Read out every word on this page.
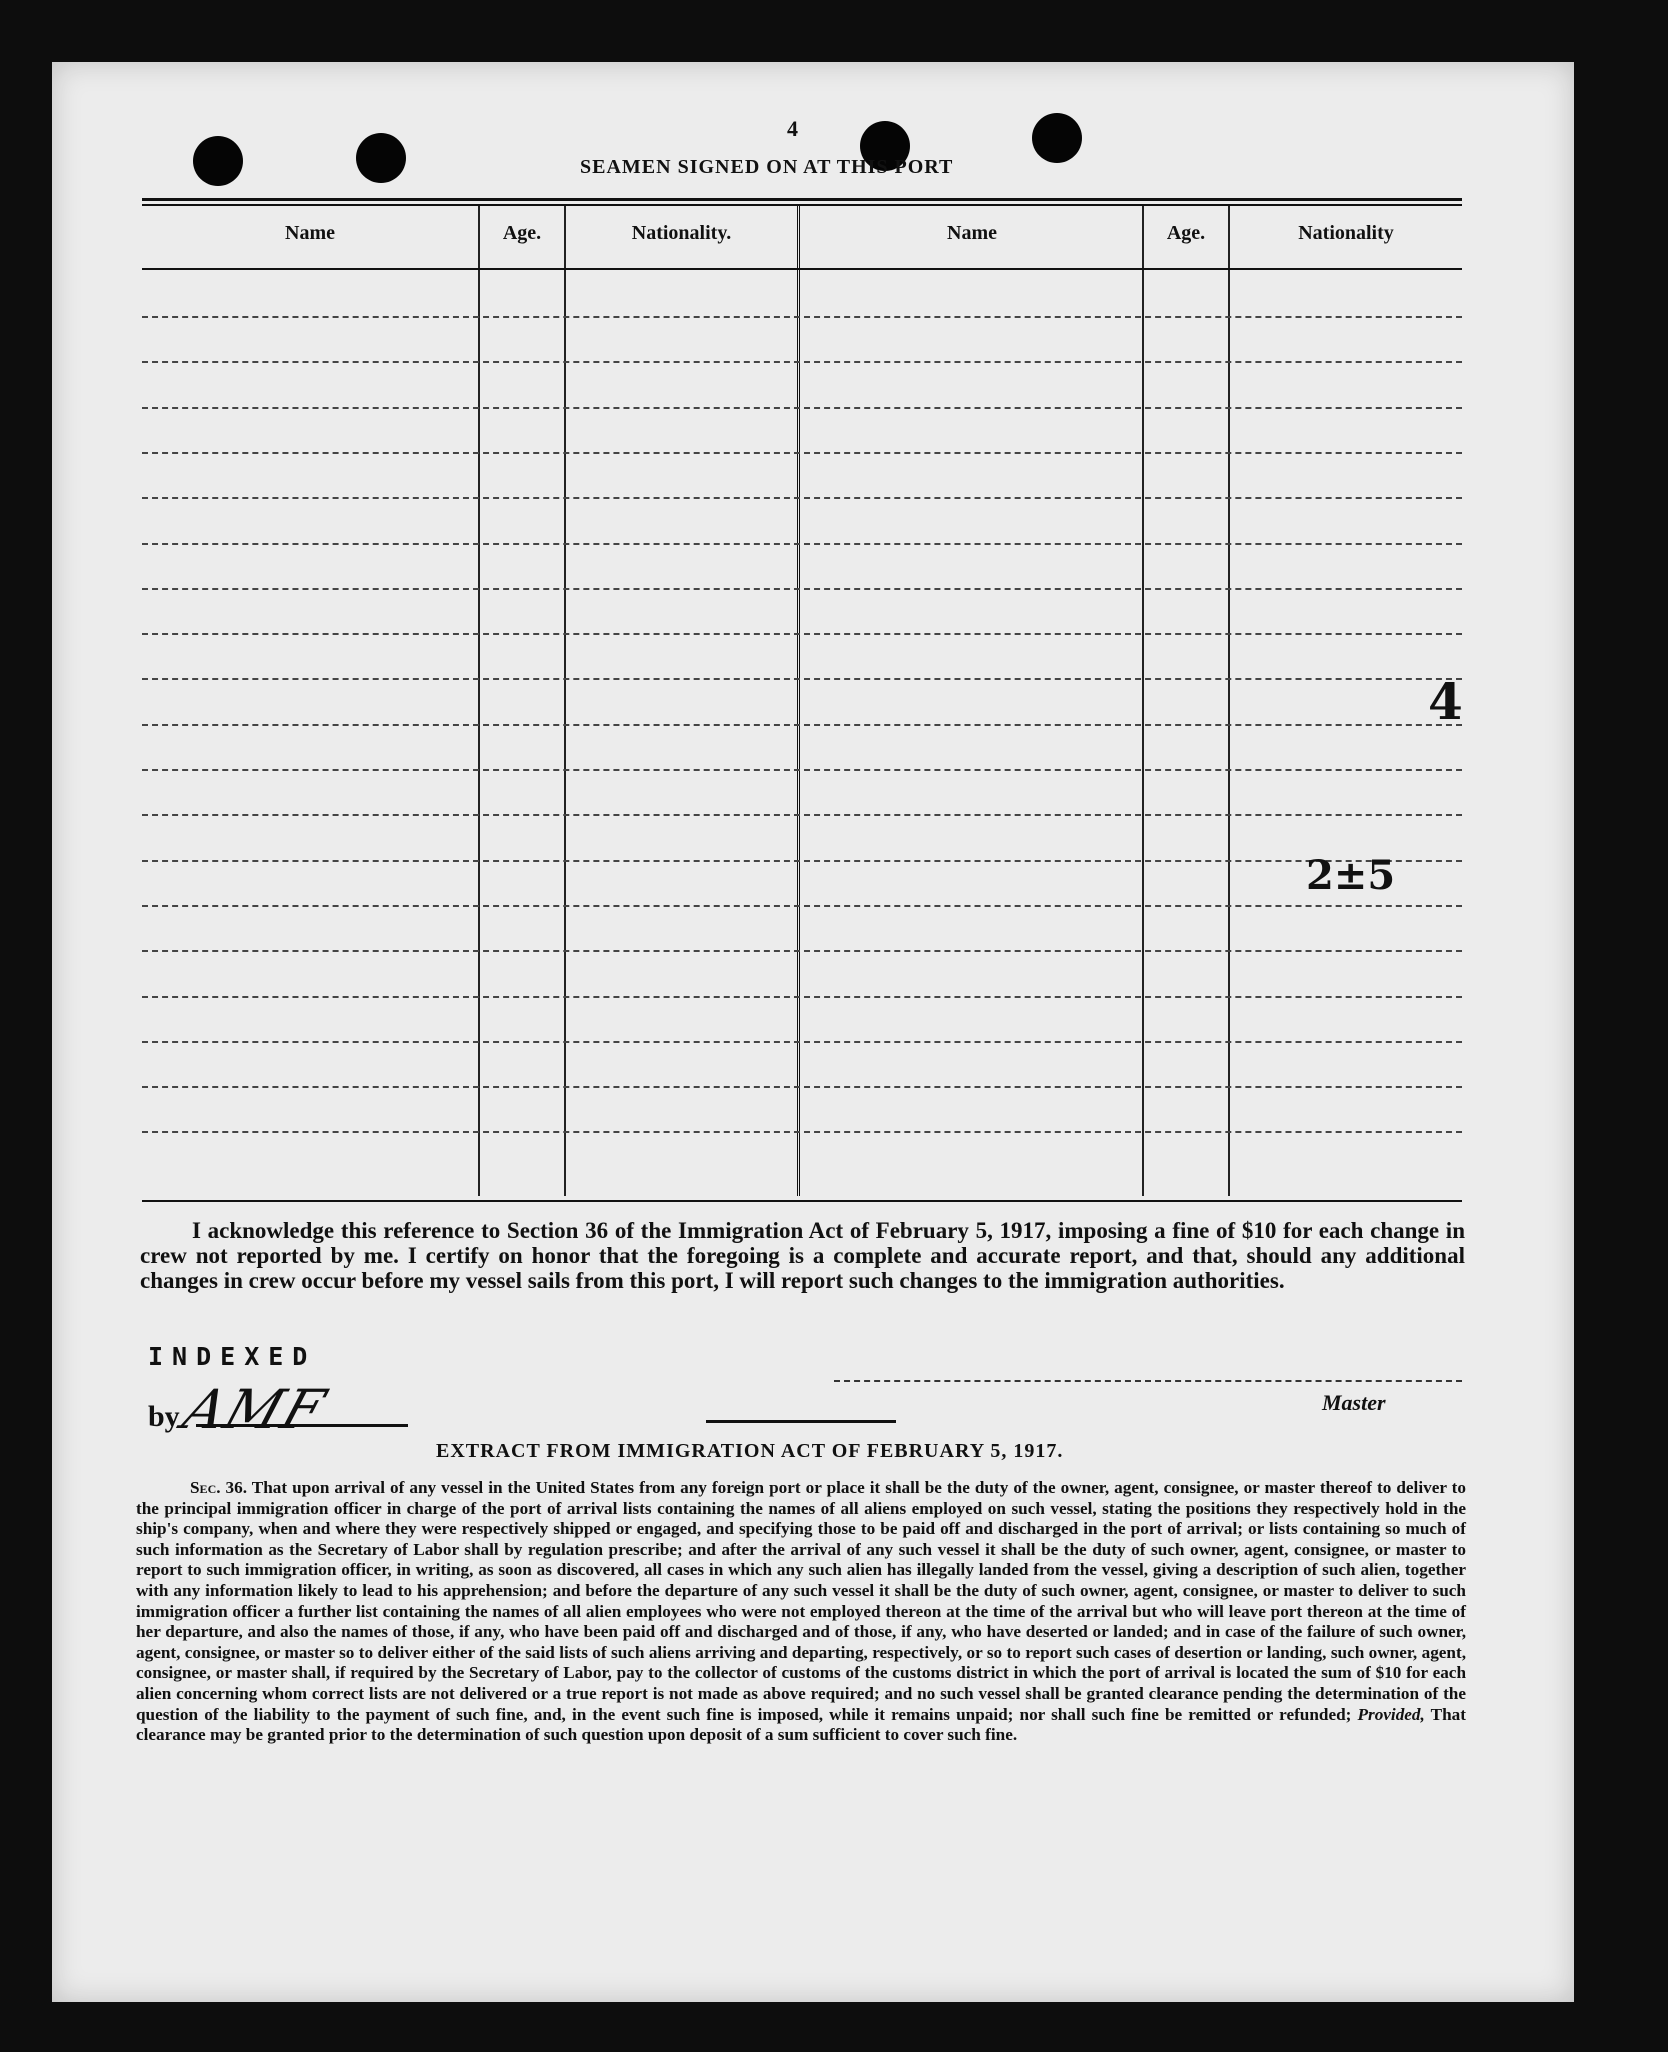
4
SEAMEN SIGNED ON AT THIS PORT
Name	Age.	Nationality.	Name	Age.	Nationality
4
2±5
I acknowledge this reference to Section 36 of the Immigration Act of February 5, 1917, imposing a fine of $10 for each change in crew not reported by me. I certify on honor that the foregoing is a complete and accurate report, and that, should any additional changes in crew occur before my vessel sails from this port, I will report such changes to the immigration authorities.
INDEXED
by
AMF	Master
EXTRACT FROM IMMIGRATION ACT OF FEBRUARY 5, 1917.
Sec. 36. That upon arrival of any vessel in the United States from any foreign port or place it shall be the duty of the owner, agent, consignee, or master thereof to deliver to the principal immigration officer in charge of the port of arrival lists containing the names of all aliens employed on such vessel, stating the positions they respectively hold in the ship's company, when and where they were respectively shipped or engaged, and specifying those to be paid off and discharged in the port of arrival; or lists containing so much of such information as the Secretary of Labor shall by regulation prescribe; and after the arrival of any such vessel it shall be the duty of such owner, agent, consignee, or master to report to such immigration officer, in writing, as soon as discovered, all cases in which any such alien has illegally landed from the vessel, giving a description of such alien, together with any information likely to lead to his apprehension; and before the departure of any such vessel it shall be the duty of such owner, agent, consignee, or master to deliver to such immigration officer a further list containing the names of all alien employees who were not employed thereon at the time of the arrival but who will leave port thereon at the time of her departure, and also the names of those, if any, who have been paid off and discharged and of those, if any, who have deserted or landed; and in case of the failure of such owner, agent, consignee, or master so to deliver either of the said lists of such aliens arriving and departing, respectively, or so to report such cases of desertion or landing, such owner, agent, consignee, or master shall, if required by the Secretary of Labor, pay to the collector of customs of the customs district in which the port of arrival is located the sum of $10 for each alien concerning whom correct lists are not delivered or a true report is not made as above required; and no such vessel shall be granted clearance pending the determination of the question of the liability to the payment of such fine, and, in the event such fine is imposed, while it remains unpaid; nor shall such fine be remitted or refunded; Provided, That clearance may be granted prior to the determination of such question upon deposit of a sum sufficient to cover such fine.
